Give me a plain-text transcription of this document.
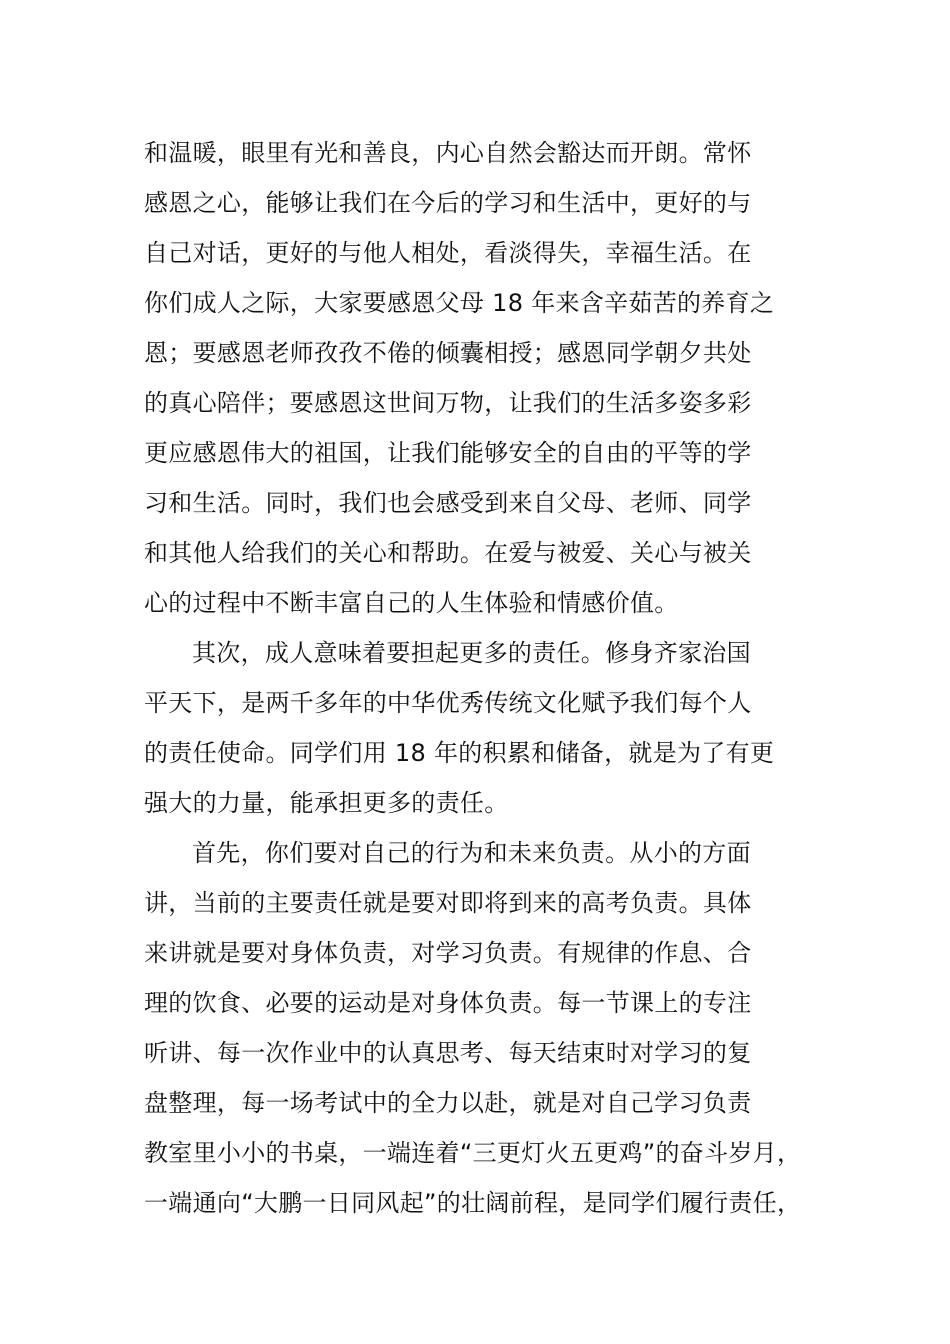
和温暖，眼里有光和善良，内心自然会豁达而开朗。常怀
感恩之心，能够让我们在今后的学习和生活中，更好的与
自己对话，更好的与他人相处，看淡得失，幸福生活。在
你们成人之际，大家要感恩父母 18 年来含辛茹苦的养育之
恩；要感恩老师孜孜不倦的倾囊相授；感恩同学朝夕共处
的真心陪伴；要感恩这世间万物，让我们的生活多姿多彩
更应感恩伟大的祖国，让我们能够安全的自由的平等的学
习和生活。同时，我们也会感受到来自父母、老师、同学
和其他人给我们的关心和帮助。在爱与被爱、关心与被关
心的过程中不断丰富自己的人生体验和情感价值。
其次，成人意味着要担起更多的责任。修身齐家治国
平天下，是两千多年的中华优秀传统文化赋予我们每个人
的责任使命。同学们用 18 年的积累和储备，就是为了有更
强大的力量，能承担更多的责任。
首先，你们要对自己的行为和未来负责。从小的方面
讲，当前的主要责任就是要对即将到来的高考负责。具体
来讲就是要对身体负责，对学习负责。有规律的作息、合
理的饮食、必要的运动是对身体负责。每一节课上的专注
听讲、每一次作业中的认真思考、每天结束时对学习的复
盘整理，每一场考试中的全力以赴，就是对自己学习负责
教室里小小的书桌，一端连着“三更灯火五更鸡”的奋斗岁月，
一端通向“大鹏一日同风起”的壮阔前程，是同学们履行责任，
